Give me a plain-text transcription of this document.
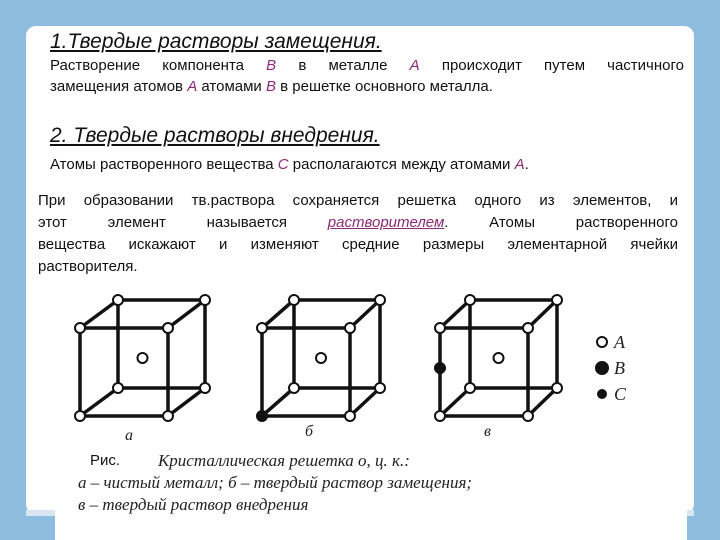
1.Твердые растворы замещения.
Растворение компонента В в металле А происходит путем частичного
замещения атомов А атомами В в решетке основного металла.
2. Твердые растворы внедрения.
Атомы растворенного вещества С располагаются между атомами А.
При образовании тв.раствора сохраняется решетка одного из элементов, и
этот элемент называется растворителем. Атомы растворенного
вещества искажают и изменяют средние размеры элементарной ячейки
растворителя.
а	б	в
A
B
C
Рис.	Кристаллическая решетка о, ц. к.:
а – чистый металл; б – твердый раствор замещения;
в – твердый раствор внедрения
